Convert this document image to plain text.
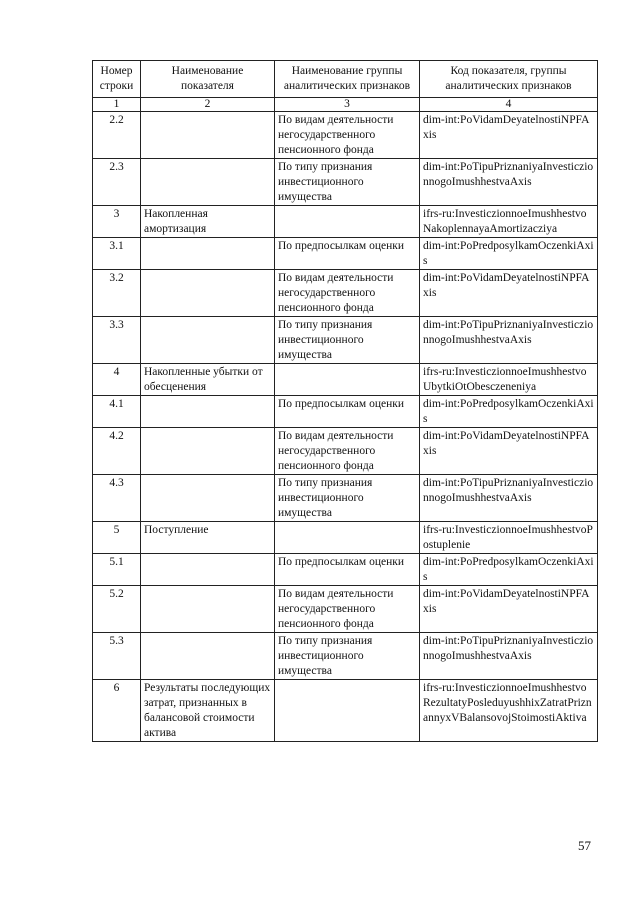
Номер строки	Наименование показателя	Наименование группы аналитических признаков	Код показателя, группы аналитических признаков
1	2	3	4
2.2		По видам деятельности негосударственного пенсионного фонда	dim-int:PoVidamDeyatelnostiNPFAxis
2.3		По типу признания инвестиционного имущества	dim-int:PoTipuPriznaniyaInvesticzionnogoImushhestvaAxis
3	Накопленная амортизация		ifrs-ru:InvesticzionnoeImushhestvoNakoplennayaAmortizacziya
3.1		По предпосылкам оценки	dim-int:PoPredposylkamOczenkiAxis
3.2		По видам деятельности негосударственного пенсионного фонда	dim-int:PoVidamDeyatelnostiNPFAxis
3.3		По типу признания инвестиционного имущества	dim-int:PoTipuPriznaniyaInvesticzionnogoImushhestvaAxis
4	Накопленные убытки от обесценения		ifrs-ru:InvesticzionnoeImushhestvoUbytkiOtObesczeneniya
4.1		По предпосылкам оценки	dim-int:PoPredposylkamOczenkiAxis
4.2		По видам деятельности негосударственного пенсионного фонда	dim-int:PoVidamDeyatelnostiNPFAxis
4.3		По типу признания инвестиционного имущества	dim-int:PoTipuPriznaniyaInvesticzionnogoImushhestvaAxis
5	Поступление		ifrs-ru:InvesticzionnoeImushhestvoPostuplenie
5.1		По предпосылкам оценки	dim-int:PoPredposylkamOczenkiAxis
5.2		По видам деятельности негосударственного пенсионного фонда	dim-int:PoVidamDeyatelnostiNPFAxis
5.3		По типу признания инвестиционного имущества	dim-int:PoTipuPriznaniyaInvesticzionnogoImushhestvaAxis
6	Результаты последующих затрат, признанных в балансовой стоимости актива		ifrs-ru:InvesticzionnoeImushhestvoRezultatyPosleduyushhixZatratPriznannyxVBalansovojStoimostiAktiva
57
